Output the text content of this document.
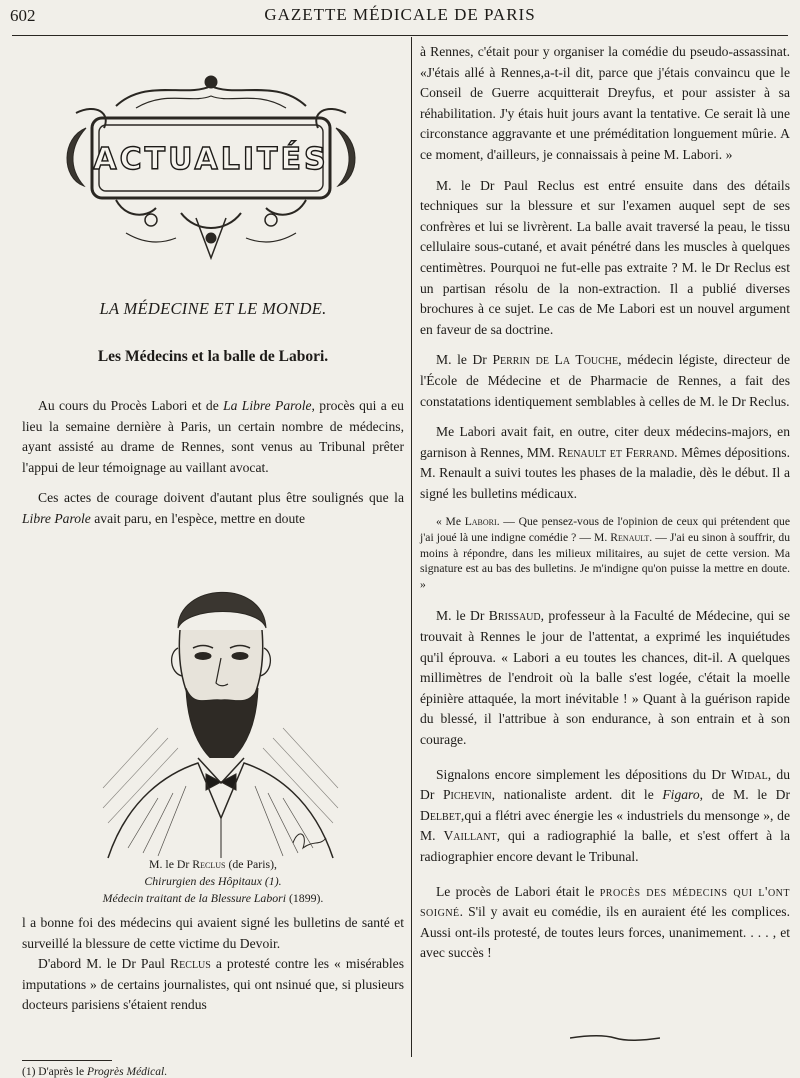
602	GAZETTE MÉDICALE DE PARIS
ACTUALITÉS
LA MÉDECINE ET LE MONDE.
Les Médecins et la balle de Labori.

Au cours du Procès Labori et de La Libre Parole, procès qui a eu lieu la semaine dernière à Paris, un certain nombre de médecins, ayant assisté au drame de Rennes, sont venus au Tribunal prêter l'appui de leur témoignage au vaillant avocat.

Ces actes de courage doivent d'autant plus être soulignés que la Libre Parole avait paru, en l'espèce, mettre en doute

M. le Dr Reclus (de Paris),
Chirurgien des Hôpitaux (1).
Médecin traitant de la Blessure Labori (1899).

l a bonne foi des médecins qui avaient signé les bulletins de santé et surveillé la blessure de cette victime du Devoir.

D'abord M. le Dr Paul Reclus a protesté contre les « misérables imputations » de certains journalistes, qui ont nsinué que, si plusieurs docteurs parisiens s'étaient rendus

(1) D'après le Progrès Médical.

à Rennes, c'était pour y organiser la comédie du pseudo-assassinat. «J'étais allé à Rennes,a-t-il dit, parce que j'étais convaincu que le Conseil de Guerre acquitterait Dreyfus, et pour assister à sa réhabilitation. J'y étais huit jours avant la tentative. Ce serait là une circonstance aggravante et une préméditation longuement mûrie. A ce moment, d'ailleurs, je connaissais à peine M. Labori. »

M. le Dr Paul Reclus est entré ensuite dans des détails techniques sur la blessure et sur l'examen auquel sept de ses confrères et lui se livrèrent. La balle avait traversé la peau, le tissu cellulaire sous-cutané, et avait pénétré dans les muscles à quelques centimètres. Pourquoi ne fut-elle pas extraite ? M. le Dr Reclus est un partisan résolu de la non-extraction. Il a publié diverses brochures à ce sujet. Le cas de Me Labori est un nouvel argument en faveur de sa doctrine.

M. le Dr Perrin de La Touche, médecin légiste, directeur de l'École de Médecine et de Pharmacie de Rennes, a fait des constatations identiquement semblables à celles de M. le Dr Reclus.

Me Labori avait fait, en outre, citer deux médecins-majors, en garnison à Rennes, MM. Renault et Ferrand. Mêmes dépositions. M. Renault a suivi toutes les phases de la maladie, dès le début. Il a signé les bulletins médicaux.

« Me Labori. — Que pensez-vous de l'opinion de ceux qui prétendent que j'ai joué là une indigne comédie ? — M. Renault. — J'ai eu sinon à souffrir, du moins à répondre, dans les milieux militaires, au sujet de cette version. Ma signature est au bas des bulletins. Je m'indigne qu'on puisse la mettre en doute. »

M. le Dr Brissaud, professeur à la Faculté de Médecine, qui se trouvait à Rennes le jour de l'attentat, a exprimé les inquiétudes qu'il éprouva. « Labori a eu toutes les chances, dit-il. A quelques millimètres de l'endroit où la balle s'est logée, c'était la moelle épinière attaquée, la mort inévitable ! » Quant à la guérison rapide du blessé, il l'attribue à son endurance, à son entrain et à son courage.

Signalons encore simplement les dépositions du Dr Widal, du Dr Pichevin, nationaliste ardent. dit le Figaro, de M. le Dr Delbet,qui a flétri avec énergie les « industriels du mensonge », de M. Vaillant, qui a radiographié la balle, et s'est offert à la radiographier encore devant le Tribunal.

Le procès de Labori était le procès des médecins qui l'ont soigné. S'il y avait eu comédie, ils en auraient été les complices. Aussi ont-ils protesté, de toutes leurs forces, unanimement. . . . , et avec succès !
